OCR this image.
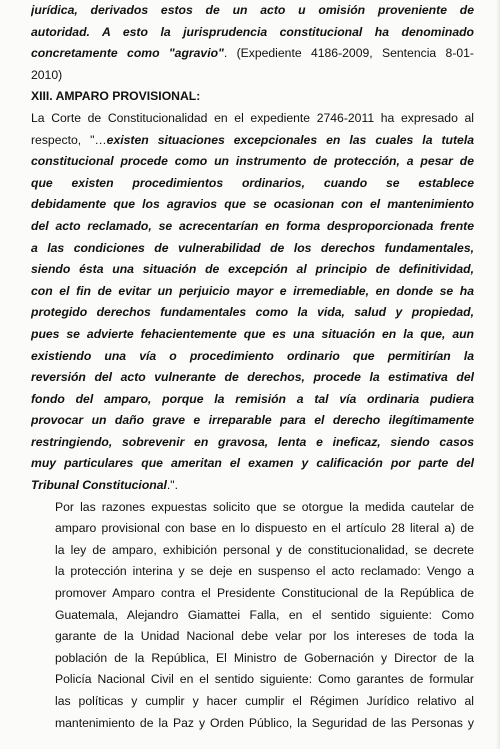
jurídica, derivados estos de un acto u omisión proveniente de
autoridad. A esto la jurisprudencia constitucional ha denominado
concretamente como "agravio". (Expediente 4186-2009, Sentencia 8-01-
2010)
XIII. AMPARO PROVISIONAL:
La Corte de Constitucionalidad en el expediente 2746-2011 ha expresado al
respecto, "…existen situaciones excepcionales en las cuales la tutela
constitucional procede como un instrumento de protección, a pesar de
que existen procedimientos ordinarios, cuando se establece
debidamente que los agravios que se ocasionan con el mantenimiento
del acto reclamado, se acrecentarían en forma desproporcionada frente
a las condiciones de vulnerabilidad de los derechos fundamentales,
siendo ésta una situación de excepción al principio de definitividad,
con el fin de evitar un perjuicio mayor e irremediable, en donde se ha
protegido derechos fundamentales como la vida, salud y propiedad,
pues se advierte fehacientemente que es una situación en la que, aun
existiendo una vía o procedimiento ordinario que permitirían la
reversión del acto vulnerante de derechos, procede la estimativa del
fondo del amparo, porque la remisión a tal vía ordinaria pudiera
provocar un daño grave e irreparable para el derecho ilegítimamente
restringiendo, sobrevenir en gravosa, lenta e ineficaz, siendo casos
muy particulares que ameritan el examen y calificación por parte del
Tribunal Constitucional.".
Por las razones expuestas solicito que se otorgue la medida cautelar de
amparo provisional con base en lo dispuesto en el artículo 28 literal a) de
la ley de amparo, exhibición personal y de constitucionalidad, se decrete
la protección interina y se deje en suspenso el acto reclamado: Vengo a
promover Amparo contra el Presidente Constitucional de la República de
Guatemala, Alejandro Giamattei Falla, en el sentido siguiente: Como
garante de la Unidad Nacional debe velar por los intereses de toda la
población de la República, El Ministro de Gobernación y Director de la
Policía Nacional Civil en el sentido siguiente: Como garantes de formular
las políticas y cumplir y hacer cumplir el Régimen Jurídico relativo al
mantenimiento de la Paz y Orden Público, la Seguridad de las Personas y
